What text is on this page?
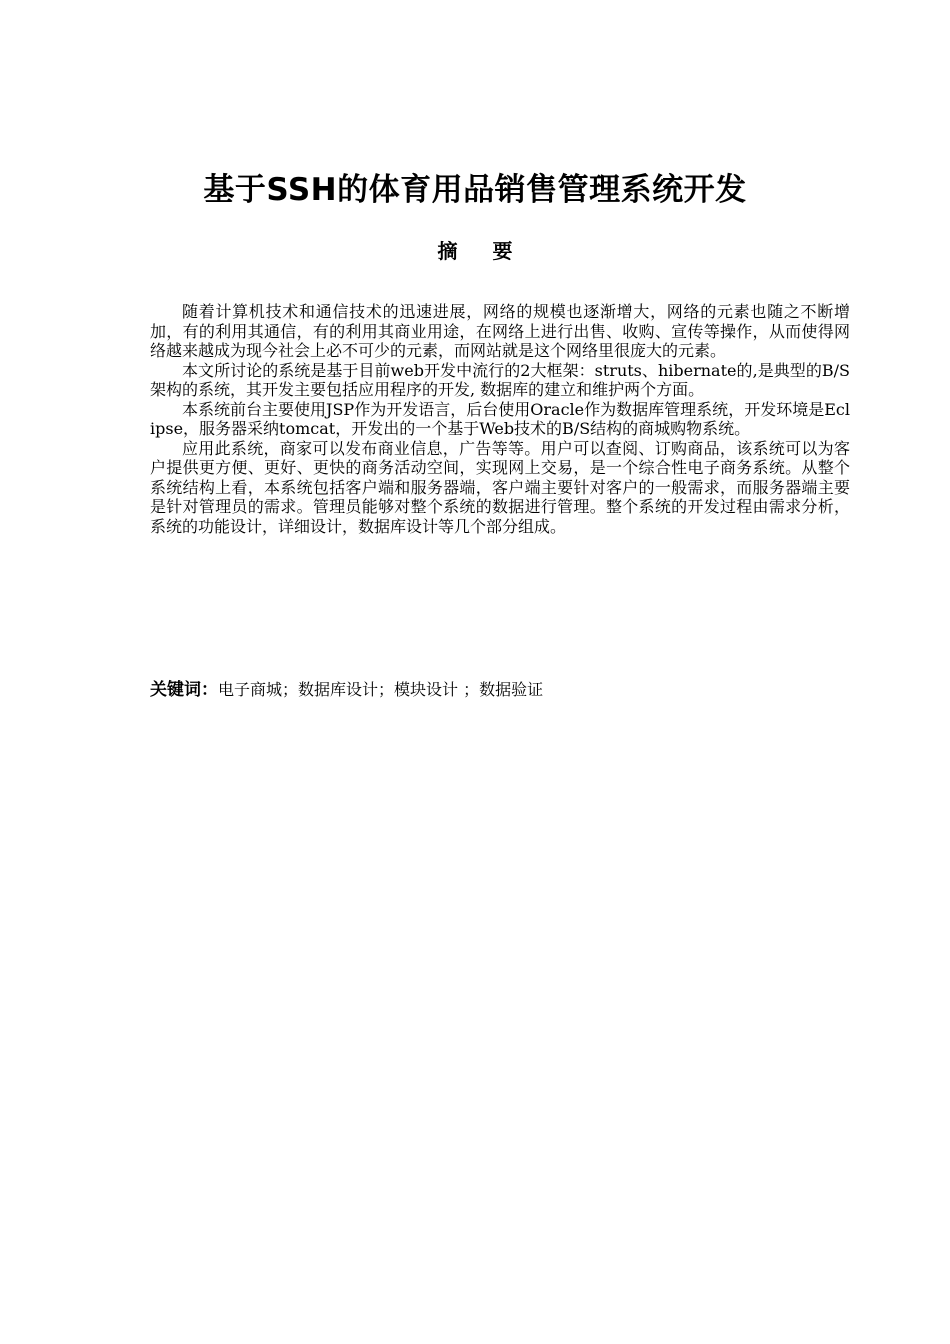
基于SSH的体育用品销售管理系统开发
摘 要

随着计算机技术和通信技术的迅速进展，网络的规模也逐渐增大，网络的元素也随之不断增加，有的利用其通信，有的利用其商业用途，在网络上进行出售、收购、宣传等操作，从而使得网络越来越成为现今社会上必不可少的元素，而网站就是这个网络里很庞大的元素。

本文所讨论的系统是基于目前web开发中流行的2大框架：struts、hibernate的,是典型的B/S架构的系统，其开发主要包括应用程序的开发, 数据库的建立和维护两个方面。

本系统前台主要使用JSP作为开发语言，后台使用Oracle作为数据库管理系统，开发环境是Eclipse，服务器采纳tomcat，开发出的一个基于Web技术的B/S结构的商城购物系统。

应用此系统，商家可以发布商业信息，广告等等。用户可以查阅、订购商品，该系统可以为客户提供更方便、更好、更快的商务活动空间，实现网上交易，是一个综合性电子商务系统。从整个系统结构上看，本系统包括客户端和服务器端，客户端主要针对客户的一般需求，而服务器端主要是针对管理员的需求。管理员能够对整个系统的数据进行管理。整个系统的开发过程由需求分析，系统的功能设计，详细设计，数据库设计等几个部分组成。

关键词：电子商城；数据库设计；模块设计 ；数据验证
